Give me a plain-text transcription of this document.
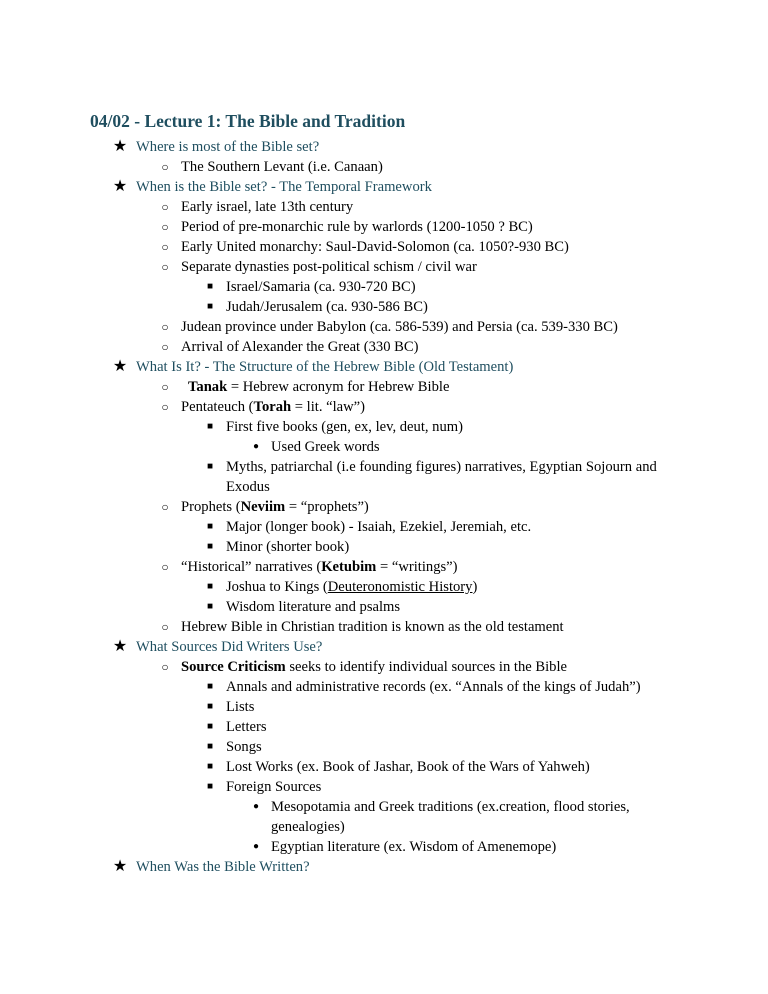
04/02 - Lecture 1: The Bible and Tradition
★ Where is most of the Bible set?
○ The Southern Levant (i.e. Canaan)
★ When is the Bible set? - The Temporal Framework
○ Early israel, late 13th century
○ Period of pre-monarchic rule by warlords (1200-1050 ? BC)
○ Early United monarchy: Saul-David-Solomon (ca. 1050?-930 BC)
○ Separate dynasties post-political schism / civil war
■ Israel/Samaria (ca. 930-720 BC)
■ Judah/Jerusalem (ca. 930-586 BC)
○ Judean province under Babylon (ca. 586-539) and Persia (ca. 539-330 BC)
○ Arrival of Alexander the Great (330 BC)
★ What Is It? - The Structure of the Hebrew Bible (Old Testament)
○	Tanak = Hebrew acronym for Hebrew Bible
○ Pentateuch (Torah = lit. “law”)
■ First five books (gen, ex, lev, deut, num)
● Used Greek words
■ Myths, patriarchal (i.e founding figures) narratives, Egyptian Sojourn and
Exodus
○ Prophets (Neviim = “prophets”)
■ Major (longer book) - Isaiah, Ezekiel, Jeremiah, etc.
■ Minor (shorter book)
○ “Historical” narratives (Ketubim = “writings”)
■ Joshua to Kings (Deuteronomistic History)
■ Wisdom literature and psalms
○ Hebrew Bible in Christian tradition is known as the old testament
★ What Sources Did Writers Use?
○ Source Criticism seeks to identify individual sources in the Bible
■ Annals and administrative records (ex. “Annals of the kings of Judah”)
■ Lists
■ Letters
■ Songs
■ Lost Works (ex. Book of Jashar, Book of the Wars of Yahweh)
■ Foreign Sources
● Mesopotamia and Greek traditions (ex.creation, flood stories,
genealogies)
● Egyptian literature (ex. Wisdom of Amenemope)
★ When Was the Bible Written?
